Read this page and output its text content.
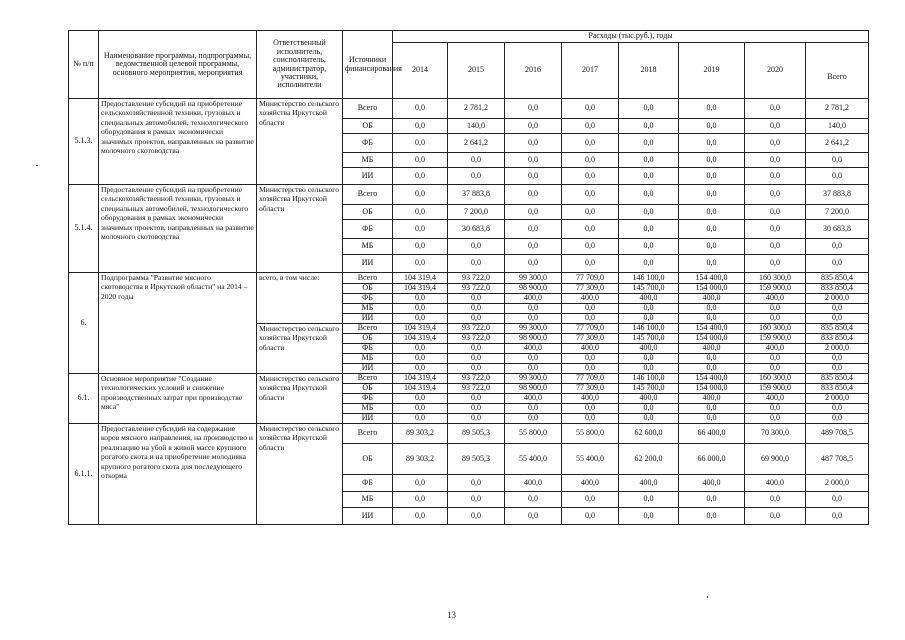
№ п/п	Наименование программы, подпрограммы, ведомственной целевой программы, основного мероприятия, мероприятия	Ответственный исполнитель, соисполнитель, администратор, участники, исполнители	Источники финансирования	Расходы (тыс.руб.), годы							
				2014	2015	2016	2017	2018	2019	2020	Всего
5.1.3.	Предоставление субсидий на приобретение сельскохозяйственной техники, грузовых и специальных автомобилей, технологического оборудования в рамках экономически значимых проектов, направленных на развитие молочного скотоводства	Министерство сельского хозяйства Иркутской области	Всего	0,0	2 781,2	0,0	0,0	0,0	0,0	0,0	2 781,2
			ОБ	0,0	140,0	0,0	0,0	0,0	0,0	0,0	140,0
			ФБ	0,0	2 641,2	0,0	0,0	0,0	0,0	0,0	2 641,2
			МБ	0,0	0,0	0,0	0,0	0,0	0,0	0,0	0,0
			ИИ	0,0	0,0	0,0	0,0	0,0	0,0	0,0	0,0
5.1.4.	Предоставление субсидий на приобретение сельскохозяйственной техники, грузовых и специальных автомобилей, технологического оборудования в рамках экономически значимых проектов, направленных на развитие молочного скотоводства	Министерство сельского хозяйства Иркутской области	Всего	0,0	37 883,8	0,0	0,0	0,0	0,0	0,0	37 883,8
			ОБ	0,0	7 200,0	0,0	0,0	0,0	0,0	0,0	7 200,0
			ФБ	0,0	30 683,8	0,0	0,0	0,0	0,0	0,0	30 683,8
			МБ	0,0	0,0	0,0	0,0	0,0	0,0	0,0	0,0
			ИИ	0,0	0,0	0,0	0,0	0,0	0,0	0,0	0,0
6.	Подпрограмма "Развитие мясного скотоводства в Иркутской области" на 2014 – 2020 годы	всего, в том числе:	Всего	104 319,4	93 722,0	99 300,0	77 709,0	146 100,0	154 400,0	160 300,0	835 850,4
			ОБ	104 319,4	93 722,0	98 900,0	77 309,0	145 700,0	154 000,0	159 900,0	833 850,4
			ФБ	0,0	0,0	400,0	400,0	400,0	400,0	400,0	2 000,0
			МБ	0,0	0,0	0,0	0,0	0,0	0,0	0,0	0,0
			ИИ	0,0	0,0	0,0	0,0	0,0	0,0	0,0	0,0
		Министерство сельского хозяйства Иркутской области	Всего	104 319,4	93 722,0	99 300,0	77 709,0	146 100,0	154 400,0	160 300,0	835 850,4
			ОБ	104 319,4	93 722,0	98 900,0	77 309,0	145 700,0	154 000,0	159 900,0	833 850,4
			ФБ	0,0	0,0	400,0	400,0	400,0	400,0	400,0	2 000,0
			МБ	0,0	0,0	0,0	0,0	0,0	0,0	0,0	0,0
			ИИ	0,0	0,0	0,0	0,0	0,0	0,0	0,0	0,0
6.1.	Основное мероприятие "Создание технологических условий и снижение производственных затрат при производстве мяса"	Министерство сельского хозяйства Иркутской области	Всего	104 319,4	93 722,0	99 300,0	77 709,0	146 100,0	154 400,0	160 300,0	835 850,4
			ОБ	104 319,4	93 722,0	98 900,0	77 309,0	145 700,0	154 000,0	159 900,0	833 850,4
			ФБ	0,0	0,0	400,0	400,0	400,0	400,0	400,0	2 000,0
			МБ	0,0	0,0	0,0	0,0	0,0	0,0	0,0	0,0
			ИИ	0,0	0,0	0,0	0,0	0,0	0,0	0,0	0,0
6.1.1.	Предоставление субсидий на содержание коров мясного направления, на производство и реализацию на убой в живой массе крупного рогатого скота и на приобретение молодняка крупного рогатого скота для последующего откорма	Министерство сельского хозяйства Иркутской области	Всего	89 303,2	89 505,3	55 800,0	55 800,0	62 600,0	66 400,0	70 300,0	489 708,5
			ОБ	89 303,2	89 505,3	55 400,0	55 400,0	62 200,0	66 000,0	69 900,0	487 708,5
			ФБ	0,0	0,0	400,0	400,0	400,0	400,0	400,0	2 000,0
			МБ	0,0	0,0	0,0	0,0	0,0	0,0	0,0	0,0
			ИИ	0,0	0,0	0,0	0,0	0,0	0,0	0,0	0,0
13
